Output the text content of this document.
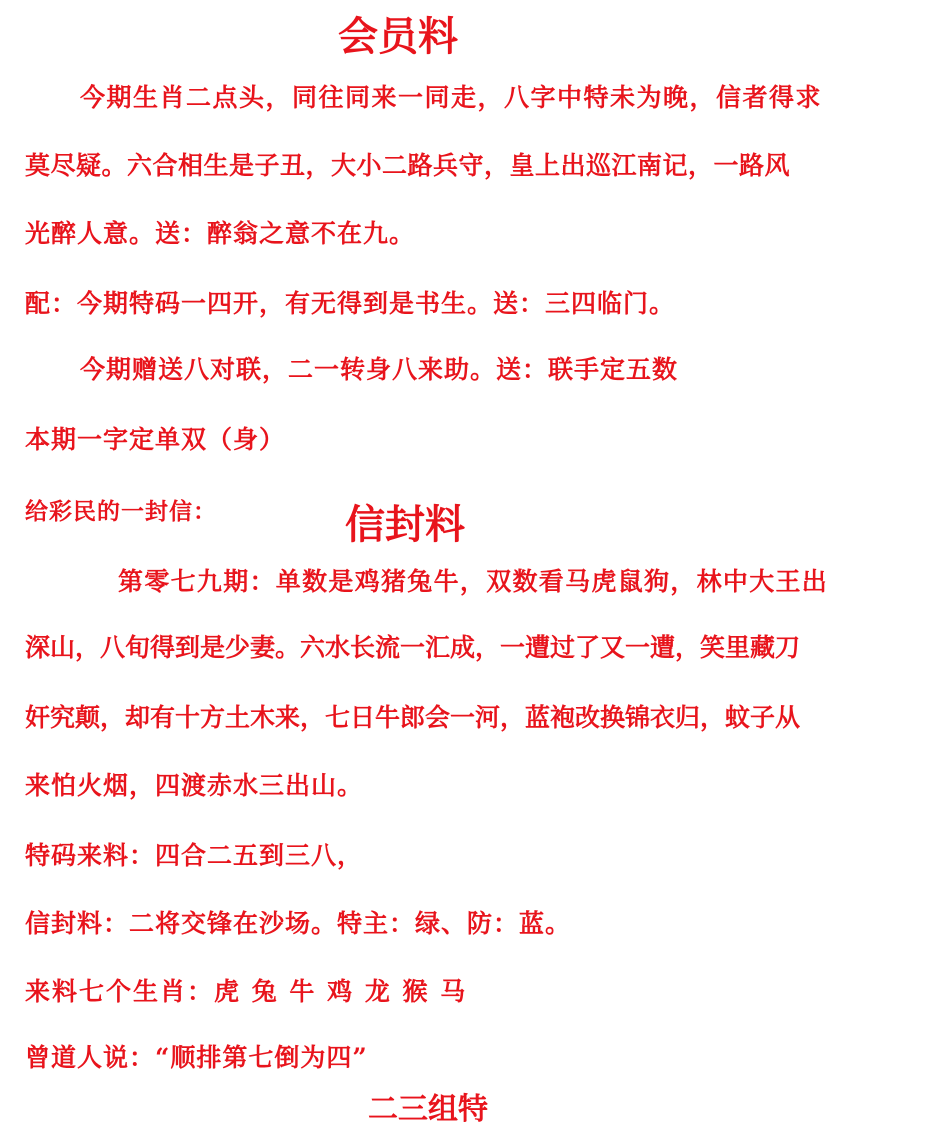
会员料
今期生肖二点头，同往同来一同走，八字中特未为晚，信者得求
莫尽疑。六合相生是子丑，大小二路兵守，皇上出巡江南记，一路风
光醉人意。送：醉翁之意不在九。
配：今期特码一四开，有无得到是书生。送：三四临门。
今期赠送八对联，二一转身八来助。送：联手定五数
本期一字定单双（身）
给彩民的一封信：	信封料
第零七九期：单数是鸡猪兔牛，双数看马虎鼠狗，林中大王出
深山，八旬得到是少妻。六水长流一汇成，一遭过了又一遭，笑里藏刀
奸究颠，却有十方土木来，七日牛郎会一河，蓝袍改换锦衣归，蚊子从
来怕火烟，四渡赤水三出山。
特码来料：四合二五到三八，
信封料：二将交锋在沙场。特主：绿、防：蓝。
来料七个生肖：虎 兔 牛 鸡 龙 猴 马
曾道人说：“顺排第七倒为四”
二三组特
